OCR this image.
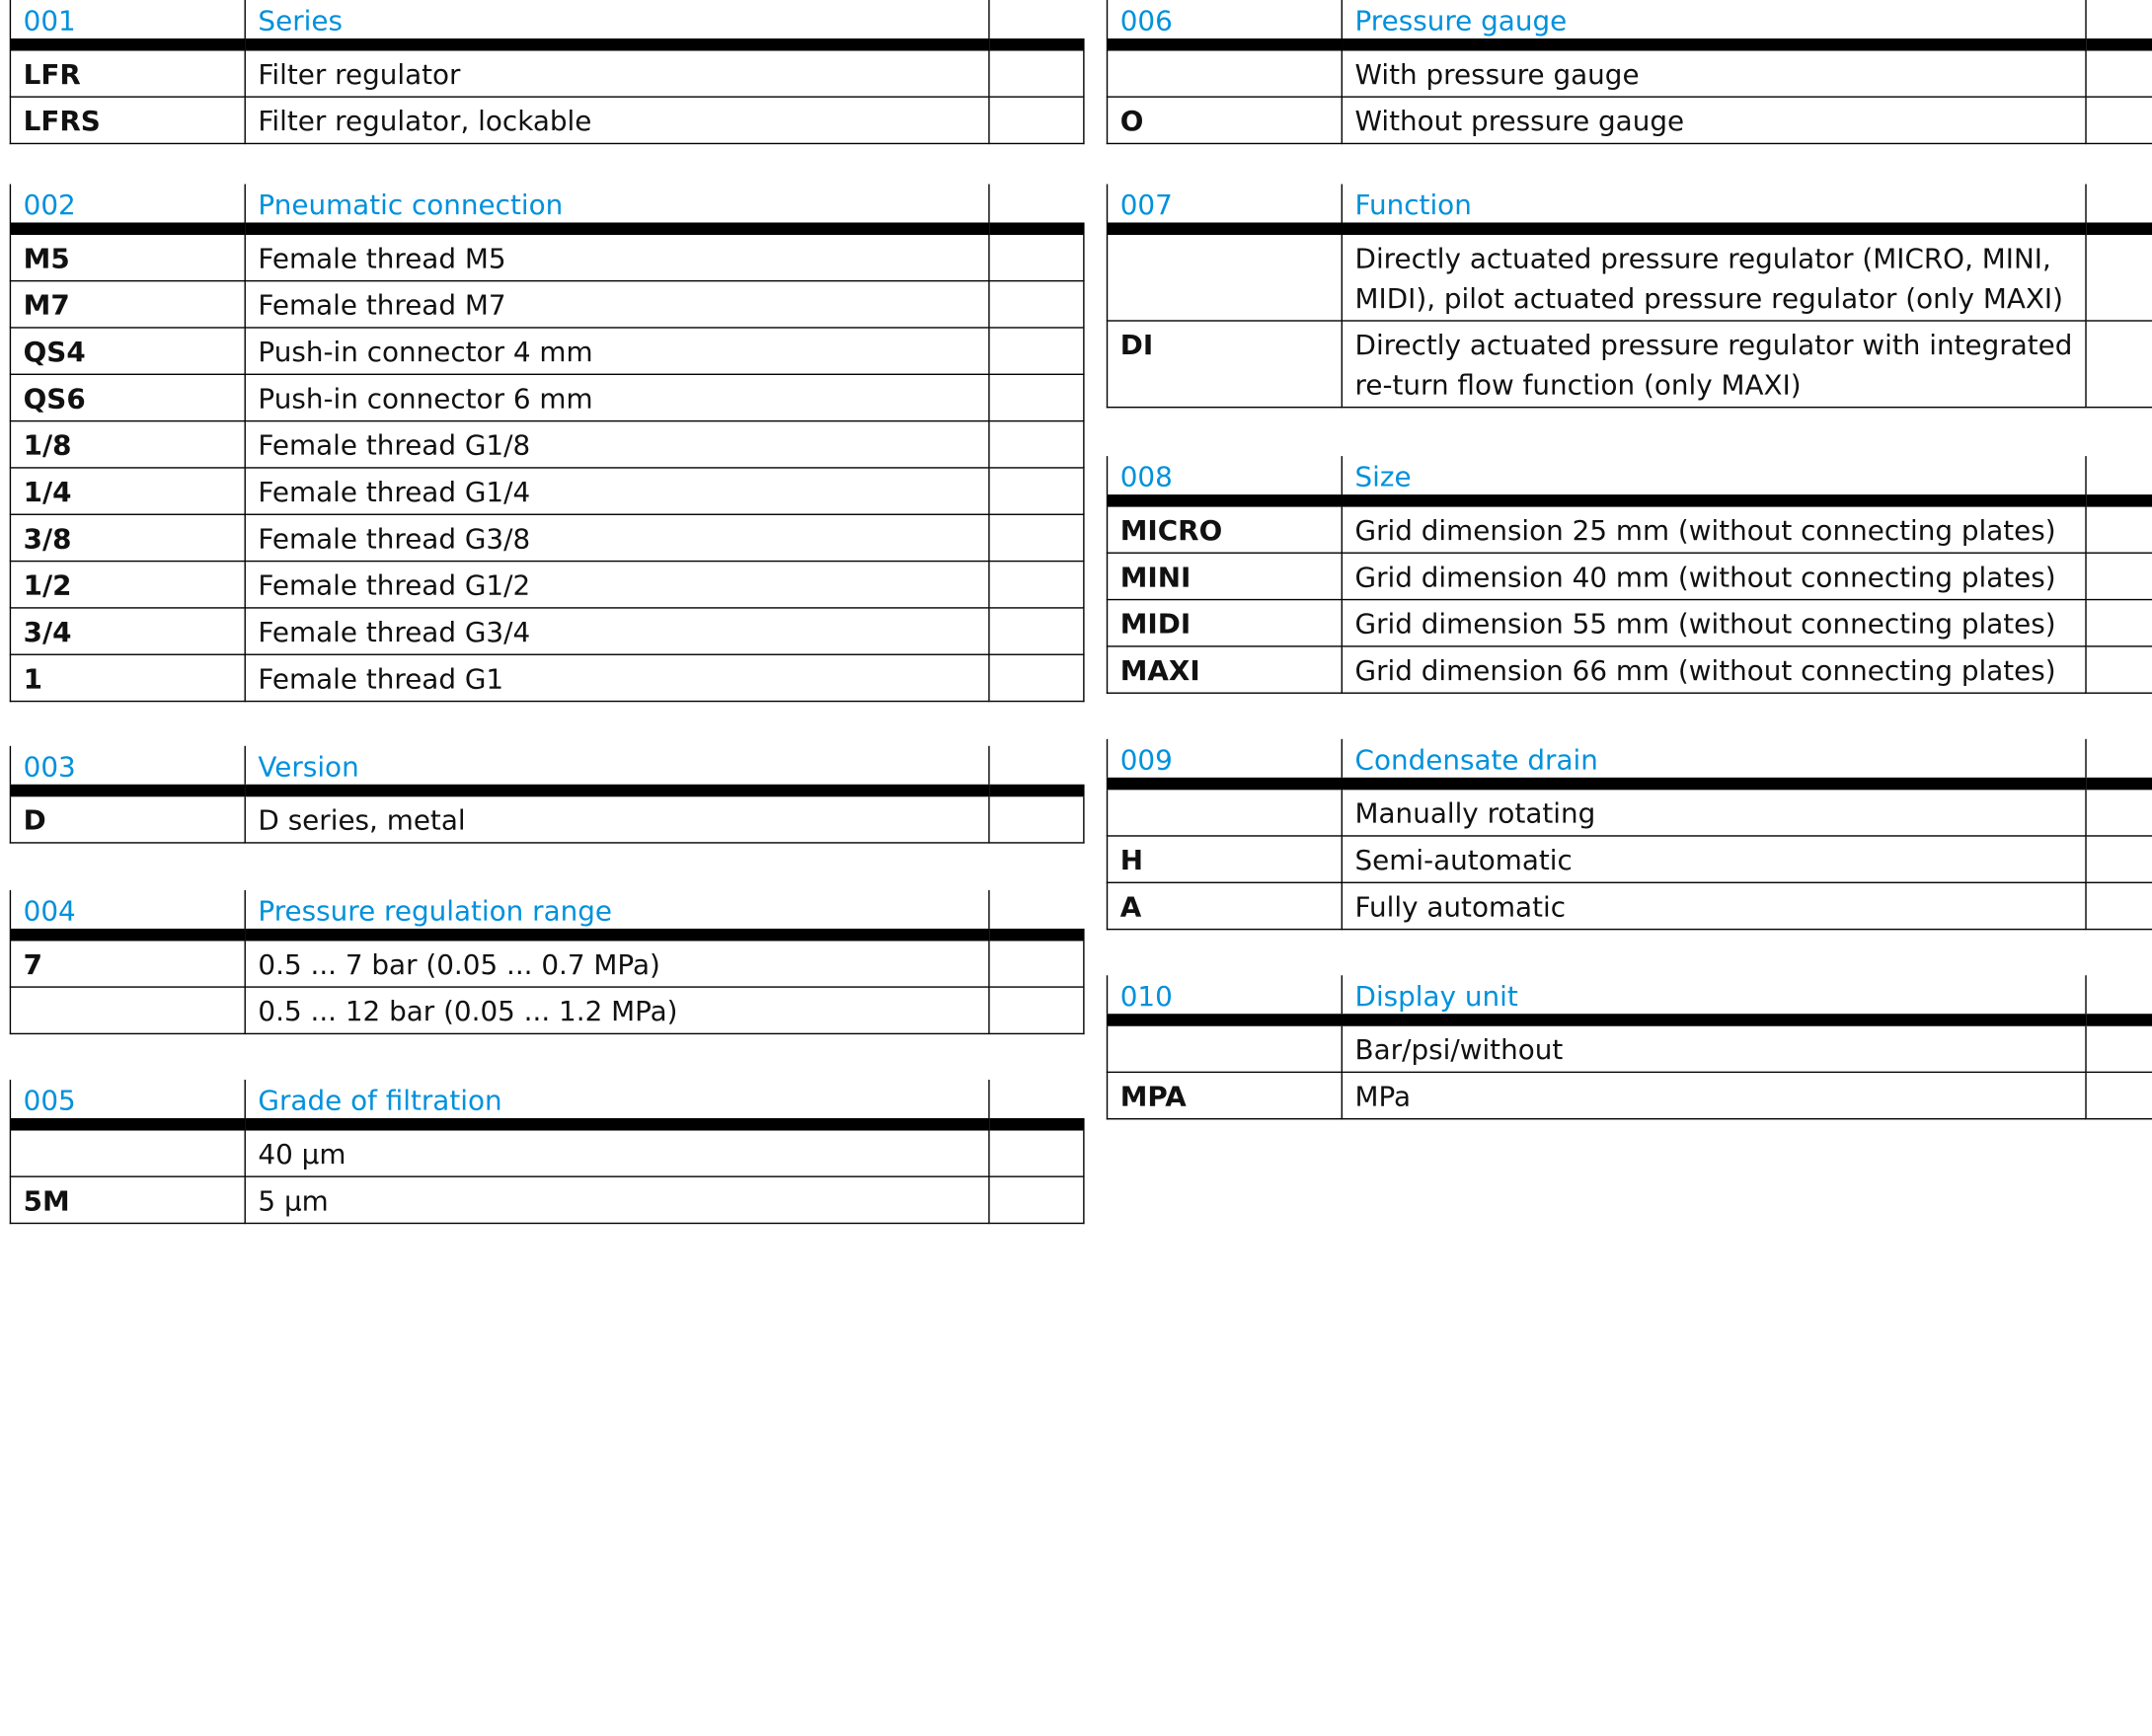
001	Series	
LFR	Filter regulator	
LFRS	Filter regulator, lockable	
002	Pneumatic connection	
M5	Female thread M5	
M7	Female thread M7	
QS4	Push-in connector 4 mm	
QS6	Push-in connector 6 mm	
1/8	Female thread G1/8	
1/4	Female thread G1/4	
3/8	Female thread G3/8	
1/2	Female thread G1/2	
3/4	Female thread G3/4	
1	Female thread G1	
003	Version	
D	D series, metal	
004	Pressure regulation range	
7	0.5 ... 7 bar (0.05 ... 0.7 MPa)	
	0.5 ... 12 bar (0.05 ... 1.2 MPa)	
005	Grade of filtration	
	40 µm	
5M	5 µm	
006	Pressure gauge	
	With pressure gauge	
O	Without pressure gauge	
007	Function	
	Directly actuated pressure regulator (MICRO, MINI, MIDI), pilot actuated pressure regulator (only MAXI)	
DI	Directly actuated pressure regulator with integrated re-turn flow function (only MAXI)	
008	Size	
MICRO	Grid dimension 25 mm (without connecting plates)	
MINI	Grid dimension 40 mm (without connecting plates)	
MIDI	Grid dimension 55 mm (without connecting plates)	
MAXI	Grid dimension 66 mm (without connecting plates)	
009	Condensate drain	
	Manually rotating	
H	Semi-automatic	
A	Fully automatic	
010	Display unit	
	Bar/psi/without	
MPA	MPa	
